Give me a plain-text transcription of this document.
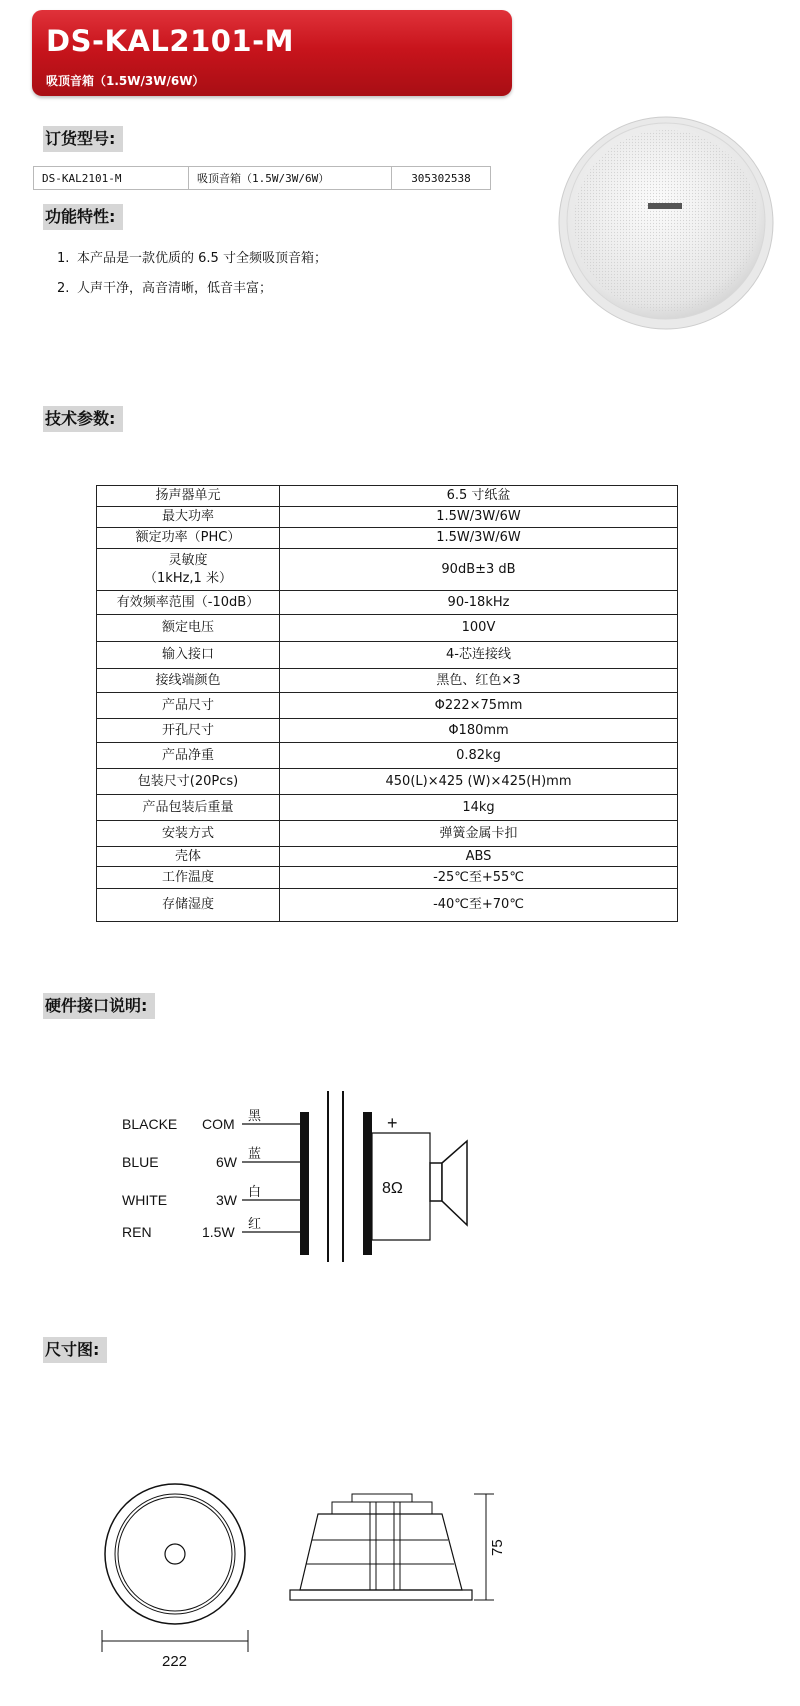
DS-KAL2101-M
吸顶音箱（1.5W/3W/6W）
订货型号:
DS-KAL2101-M	吸顶音箱（1.5W/3W/6W）	305302538
功能特性:
1. 本产品是一款优质的 6.5 寸全频吸顶音箱；
2. 人声干净，高音清晰，低音丰富；
技术参数:
扬声器单元	6.5 寸纸盆
最大功率	1.5W/3W/6W
额定功率（PHC）	1.5W/3W/6W

灵敏度
（1kHz,1 米）	90dB±3 dB
有效频率范围（-10dB）	90-18kHz
额定电压	100V
输入接口	4-芯连接线
接线端颜色	黑色、红色×3
产品尺寸	Φ222×75mm
开孔尺寸	Φ180mm
产品净重	0.82kg
包装尺寸(20Pcs)	450(L)×425 (W)×425(H)mm
产品包装后重量	14kg
安装方式	弹簧金属卡扣
壳体	ABS
工作温度	-25℃至+55℃
存储湿度	-40℃至+70℃
硬件接口说明:
BLACKE COM
黑
BLUE	6W
蓝
WHITE	3W
白
REN	1.5W
红
+
8Ω
尺寸图:
222
75
